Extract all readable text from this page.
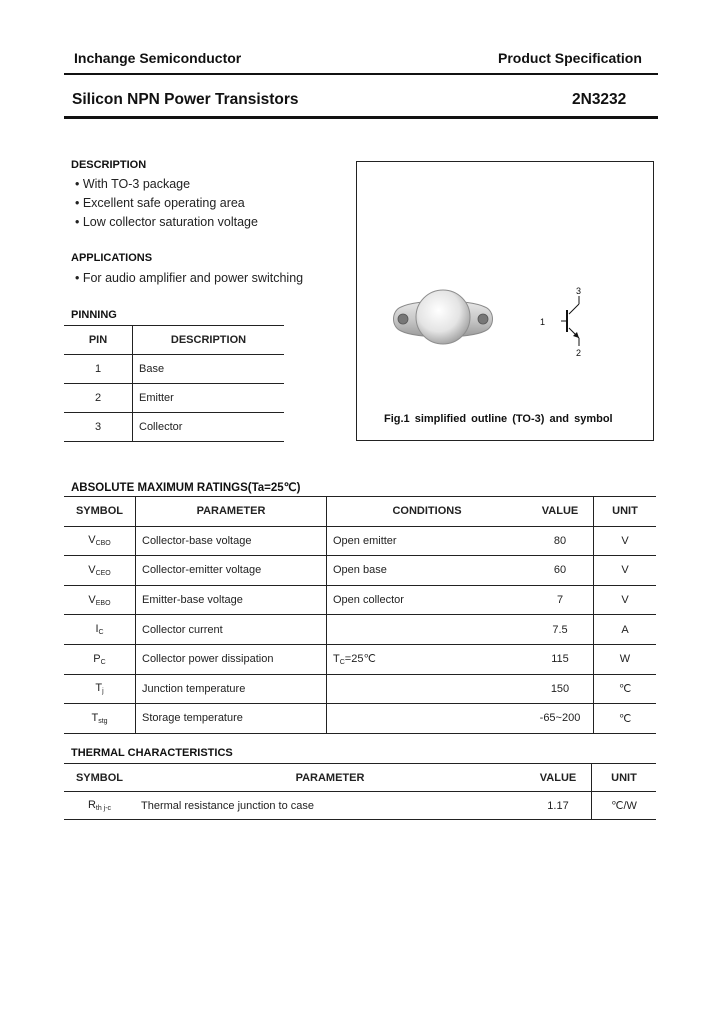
Inchange Semiconductor	Product Specification
Silicon NPN Power Transistors	2N3232
DESCRIPTION
• With TO-3 package
• Excellent safe operating area
• Low collector saturation voltage
APPLICATIONS
• For audio amplifier and power switching
PINNING
PIN	DESCRIPTION
1	Base
2	Emitter
3	Collector
3
1
2
Fig.1 simplified outline (TO-3) and symbol
ABSOLUTE MAXIMUM RATINGS(Ta=25℃)
SYMBOL	PARAMETER	CONDITIONS	VALUE	UNIT
$V_{CBO}$	Collector-base voltage	Open emitter	80	V
$V_{CEO}$	Collector-emitter voltage	Open base	60	V
$V_{EBO}$	Emitter-base voltage	Open collector	7	V
$I_C$	Collector current		7.5	A
$P_C$	Collector power dissipation	$T_C=25℃$	115	W
$T_j$	Junction temperature		150	℃
$T_{stg}$	Storage temperature		-65~200	℃
THERMAL CHARACTERISTICS
SYMBOL	PARAMETER	VALUE	UNIT
$R_{th j-c}$	Thermal resistance junction to case	1.17	℃/W
